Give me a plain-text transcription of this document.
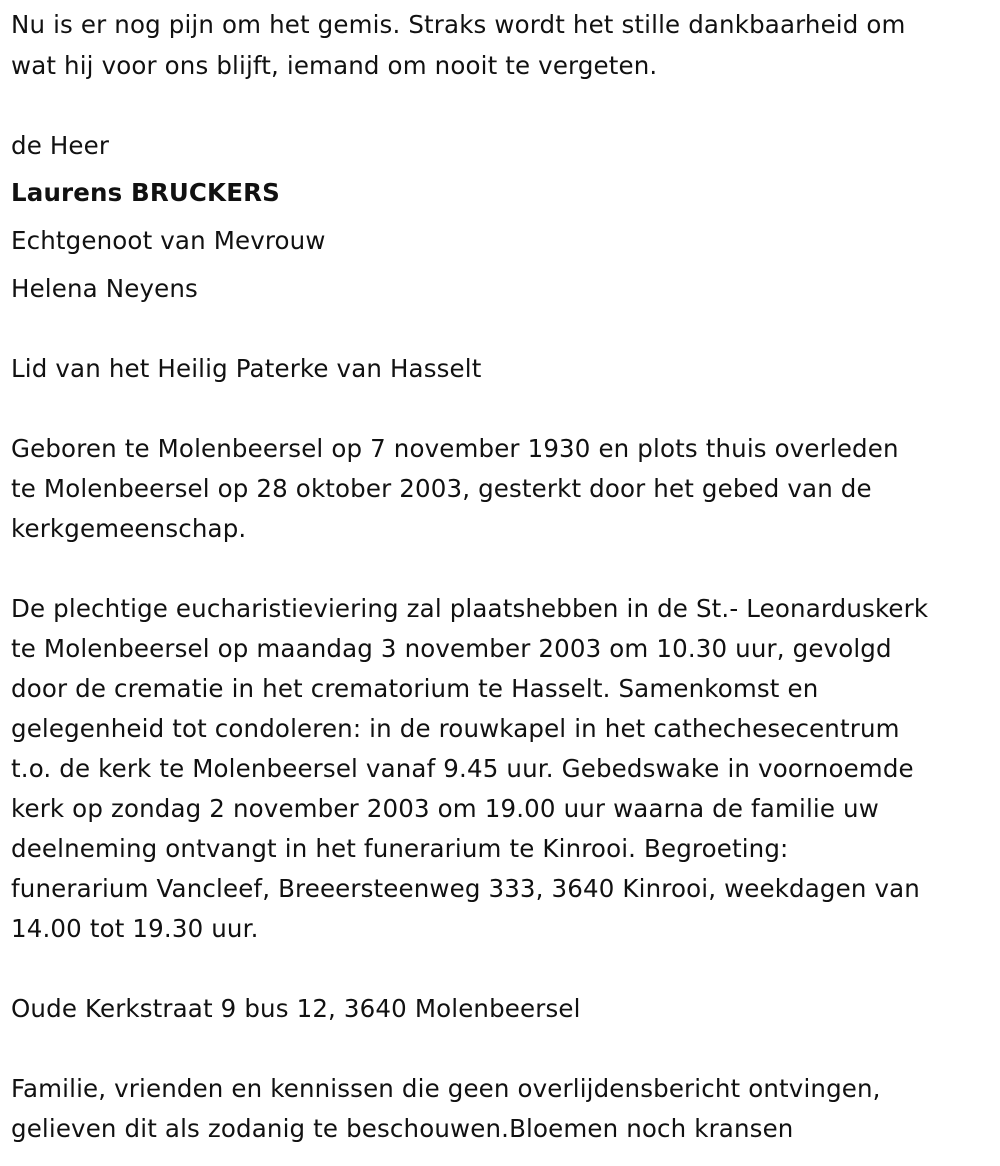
Nu is er nog pijn om het gemis. Straks wordt het stille dankbaarheid om
wat hij voor ons blijft, iemand om nooit te vergeten.
de Heer
Laurens BRUCKERS
Echtgenoot van Mevrouw
Helena Neyens
Lid van het Heilig Paterke van Hasselt
Geboren te Molenbeersel op 7 november 1930 en plots thuis overleden
te Molenbeersel op 28 oktober 2003, gesterkt door het gebed van de
kerkgemeenschap.
De plechtige eucharistieviering zal plaatshebben in de St.- Leonarduskerk
te Molenbeersel op maandag 3 november 2003 om 10.30 uur, gevolgd
door de crematie in het crematorium te Hasselt. Samenkomst en
gelegenheid tot condoleren: in de rouwkapel in het cathechesecentrum
t.o. de kerk te Molenbeersel vanaf 9.45 uur. Gebedswake in voornoemde
kerk op zondag 2 november 2003 om 19.00 uur waarna de familie uw
deelneming ontvangt in het funerarium te Kinrooi. Begroeting:
funerarium Vancleef, Breeersteenweg 333, 3640 Kinrooi, weekdagen van
14.00 tot 19.30 uur.
Oude Kerkstraat 9 bus 12, 3640 Molenbeersel
Familie, vrienden en kennissen die geen overlijdensbericht ontvingen,
gelieven dit als zodanig te beschouwen.Bloemen noch kransen
